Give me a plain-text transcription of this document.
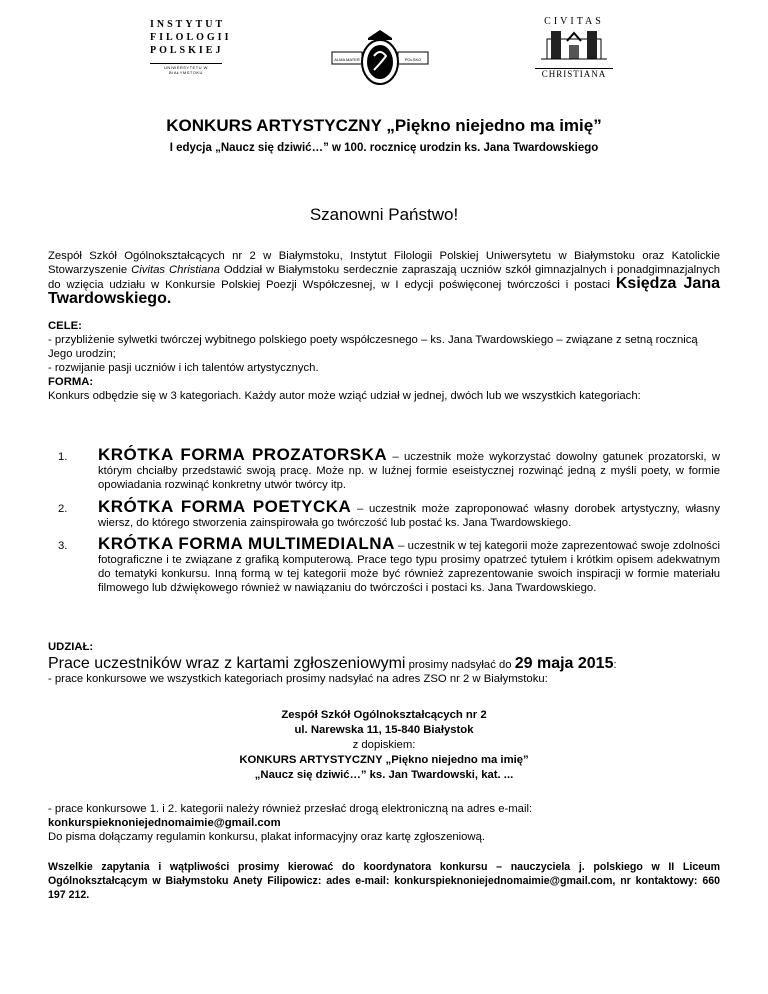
INSTYTUT
FILOLOGII
POLSKIEJ
UNIWERSYTETU W BIAŁYMSTOKU
ALMA MATER	POLSKO
CIVITAS
CHRISTIANA
KONKURS ARTYSTYCZNY „Piękno niejedno ma imię”
I edycja „Naucz się dziwić…” w 100. rocznicę urodzin ks. Jana Twardowskiego
Szanowni Państwo!
Zespół Szkół Ogólnokształcących nr 2 w Białymstoku, Instytut Filologii Polskiej Uniwersytetu w Białymstoku oraz Katolickie Stowarzyszenie Civitas Christiana Oddział w Białymstoku serdecznie zapraszają uczniów szkół gimnazjalnych i ponadgimnazjalnych do wzięcia udziału w Konkursie Polskiej Poezji Współczesnej, w I edycji poświęconej twórczości i postaci Księdza Jana Twardowskiego.
CELE:
- przybliżenie sylwetki twórczej wybitnego polskiego poety współczesnego – ks. Jana Twardowskiego – związane z setną rocznicą Jego urodzin;
- rozwijanie pasji uczniów i ich talentów artystycznych.
FORMA:
Konkurs odbędzie się w 3 kategoriach. Każdy autor może wziąć udział w jednej, dwóch lub we wszystkich kategoriach:
1.	KRÓTKA FORMA PROZATORSKA – uczestnik może wykorzystać dowolny gatunek prozatorski, w którym chciałby przedstawić swoją pracę. Może np. w luźnej formie eseistycznej rozwinąć jedną z myśli poety, w formie opowiadania rozwinąć konkretny utwór twórcy itp.
2.	KRÓTKA FORMA POETYCKA – uczestnik może zaproponować własny dorobek artystyczny, własny wiersz, do którego stworzenia zainspirowała go twórczość lub postać ks. Jana Twardowskiego.
3.	KRÓTKA FORMA MULTIMEDIALNA – uczestnik w tej kategorii może zaprezentować swoje zdolności fotograficzne i te związane z grafiką komputerową. Prace tego typu prosimy opatrzeć tytułem i krótkim opisem adekwatnym do tematyki konkursu. Inną formą w tej kategorii może być również zaprezentowanie swoich inspiracji w formie materiału filmowego lub dźwiękowego również w nawiązaniu do twórczości i postaci ks. Jana Twardowskiego.
UDZIAŁ:
Prace uczestników wraz z kartami zgłoszeniowymi prosimy nadsyłać do 29 maja 2015:
- prace konkursowe we wszystkich kategoriach prosimy nadsyłać na adres ZSO nr 2 w Białymstoku:
Zespół Szkół Ogólnokształcących nr 2
ul. Narewska 11, 15-840 Białystok
z dopiskiem:
KONKURS ARTYSTYCZNY „Piękno niejedno ma imię”
„Naucz się dziwić…” ks. Jan Twardowski, kat. ...
- prace konkursowe 1. i 2. kategorii należy również przesłać drogą elektroniczną na adres e-mail:
konkurspieknoniejednomaimie@gmail.com
Do pisma dołączamy regulamin konkursu, plakat informacyjny oraz kartę zgłoszeniową.
Wszelkie zapytania i wątpliwości prosimy kierować do koordynatora konkursu – nauczyciela j. polskiego w II Liceum Ogólnokształcącym w Białymstoku Anety Filipowicz: ades e-mail: konkurspieknoniejednomaimie@gmail.com, nr kontaktowy: 660 197 212.
